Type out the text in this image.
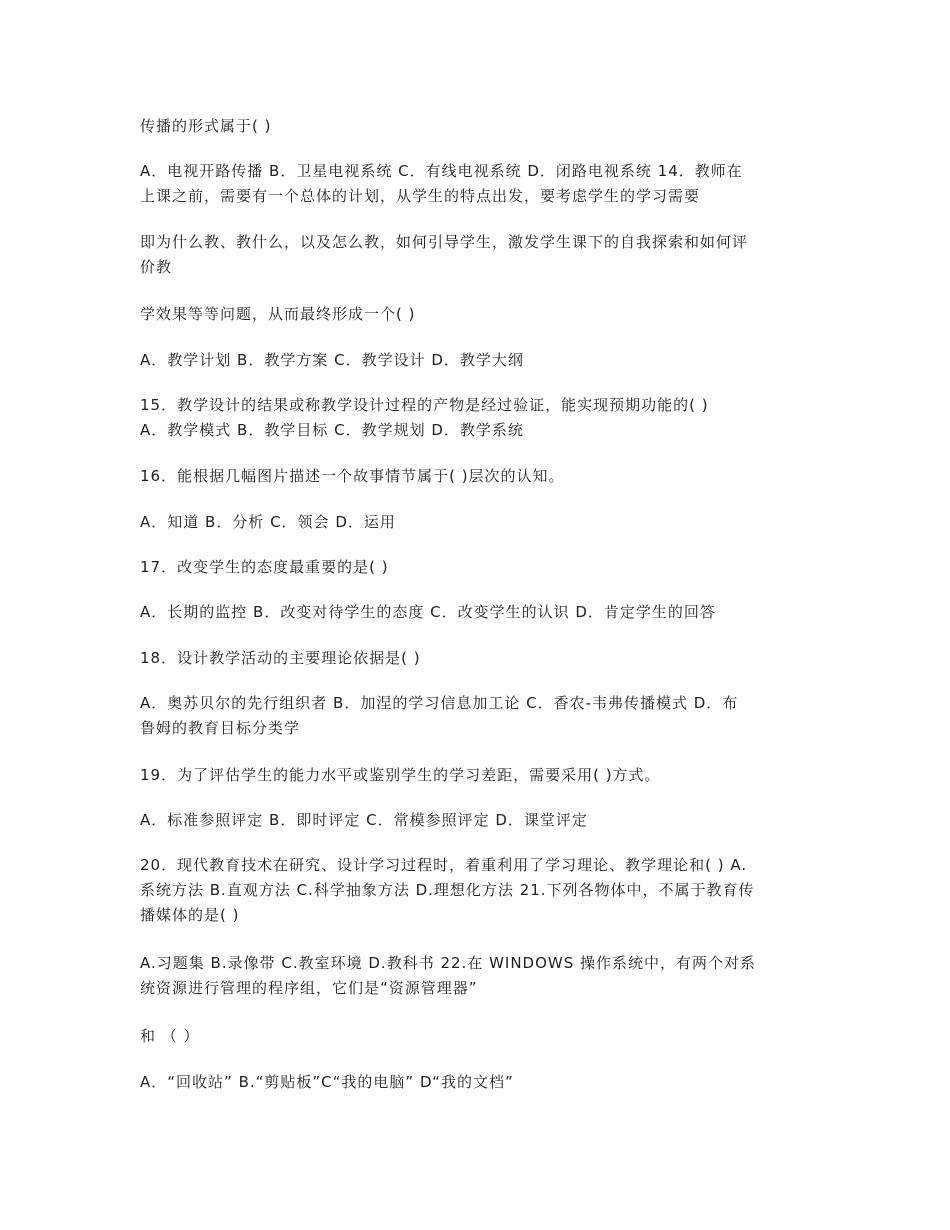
传播的形式属于( )
A．电视开路传播 B．卫星电视系统 C．有线电视系统 D．闭路电视系统 14．教师在
上课之前，需要有一个总体的计划，从学生的特点出发，要考虑学生的学习需要
即为什么教、教什么，以及怎么教，如何引导学生，激发学生课下的自我探索和如何评
价教
学效果等等问题，从而最终形成一个( )
A．教学计划 B．教学方案 C．教学设计 D．教学大纲
15．教学设计的结果或称教学设计过程的产物是经过验证，能实现预期功能的( )
A．教学模式 B．教学目标 C．教学规划 D．教学系统
16．能根据几幅图片描述一个故事情节属于( )层次的认知。
A．知道 B．分析 C．领会 D．运用
17．改变学生的态度最重要的是( )
A．长期的监控 B．改变对待学生的态度 C．改变学生的认识 D．肯定学生的回答
18．设计教学活动的主要理论依据是( )
A．奥苏贝尔的先行组织者 B．加涅的学习信息加工论 C．香农-韦弗传播模式 D．布
鲁姆的教育目标分类学
19．为了评估学生的能力水平或鉴别学生的学习差距，需要采用( )方式。
A．标准参照评定 B．即时评定 C．常模参照评定 D．课堂评定
20．现代教育技术在研究、设计学习过程时，着重利用了学习理论、教学理论和( ) A.
系统方法 B.直观方法 C.科学抽象方法 D.理想化方法 21.下列各物体中，不属于教育传
播媒体的是( )
A.习题集 B.录像带 C.教室环境 D.教科书 22.在 WINDOWS 操作系统中，有两个对系
统资源进行管理的程序组，它们是“资源管理器”
和 （ ）
A．“回收站” B.“剪贴板”C“我的电脑” D“我的文档”
